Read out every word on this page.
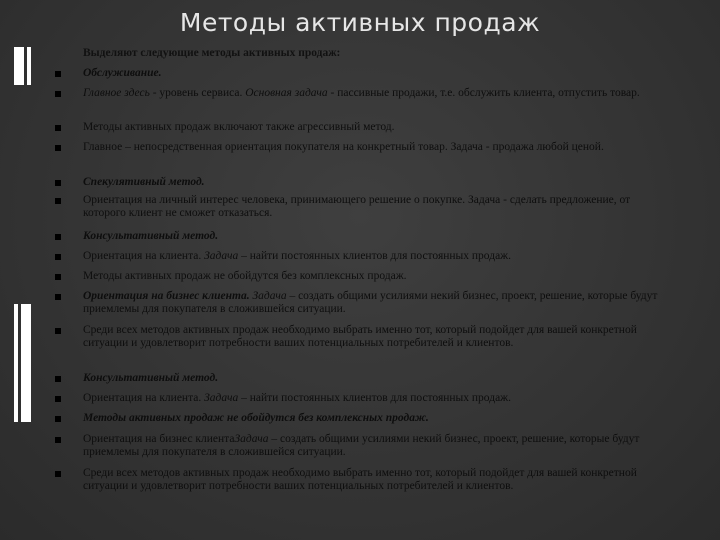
Методы активных продаж
Выделяют следующие методы активных продаж:
Обслуживание.
Главное здесь - уровень сервиса. Основная задача - пассивные продажи, т.е. обслужить клиента, отпустить товар.
Методы активных продаж включают также агрессивный метод.
Главное – непосредственная ориентация покупателя на конкретный товар. Задача - продажа любой ценой.
Спекулятивный метод.
Ориентация на личный интерес человека, принимающего решение о покупке. Задача - сделать предложение, от которого клиент не сможет отказаться.
Консультативный метод.
Ориентация на клиента. Задача – найти постоянных клиентов для постоянных продаж.
Методы активных продаж не обойдутся без комплексных продаж.
Ориентация на бизнес клиента. Задача – создать общими усилиями некий бизнес, проект, решение, которые будут приемлемы для покупателя в сложившейся ситуации.
Среди всех методов активных продаж необходимо выбрать именно тот, который подойдет для вашей конкретной ситуации и удовлетворит потребности ваших потенциальных потребителей и клиентов.
Консультативный метод.
Ориентация на клиента. Задача – найти постоянных клиентов для постоянных продаж.
Методы активных продаж не обойдутся без комплексных продаж.
Ориентация на бизнес клиентаЗадача – создать общими усилиями некий бизнес, проект, решение, которые будут приемлемы для покупателя в сложившейся ситуации.
Среди всех методов активных продаж необходимо выбрать именно тот, который подойдет для вашей конкретной ситуации и удовлетворит потребности ваших потенциальных потребителей и клиентов.
